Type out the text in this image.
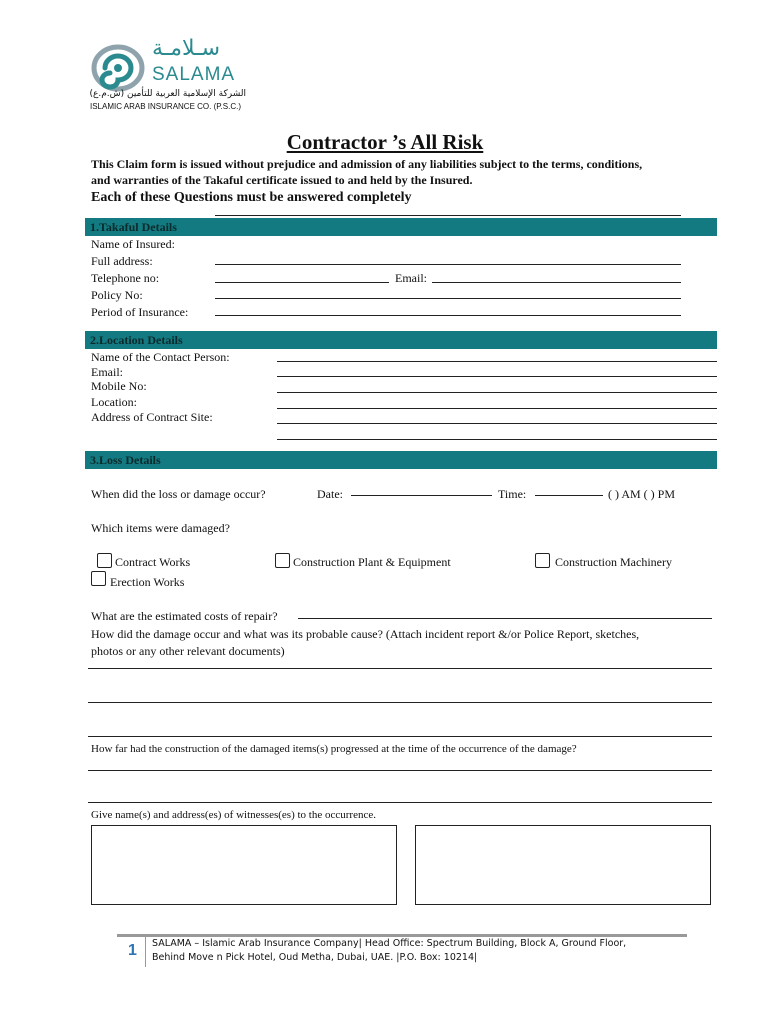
سـلامـة
SALAMA
الشركة الإسلامية العربية للتأمين (ش.م.ع)
ISLAMIC ARAB INSURANCE CO. (P.S.C.)
Contractor ’s All Risk
This Claim form is issued without prejudice and admission of any liabilities subject to the terms, conditions,
and warranties of the Takaful certificate issued to and held by the Insured.
Each of these Questions must be answered completely
1.Takaful Details
Name of Insured:
Full address:
Telephone no:	Email:
Policy No:
Period of Insurance:
2.Location Details
Name of the Contact Person:
Email:
Mobile No:
Location:
Address of Contract Site:
3.Loss Details
When did the loss or damage occur?	Date:	Time:	( ) AM ( ) PM
Which items were damaged?
Contract Works	Construction Plant & Equipment	Construction Machinery
Erection Works
What are the estimated costs of repair?
How did the damage occur and what was its probable cause? (Attach incident report &/or Police Report, sketches,
photos or any other relevant documents)
How far had the construction of the damaged items(s) progressed at the time of the occurrence of the damage?
Give name(s) and address(es) of witnesses(es) to the occurrence.
1 SALAMA – Islamic Arab Insurance Company| Head Office: Spectrum Building, Block A, Ground Floor,
Behind Move n Pick Hotel, Oud Metha, Dubai, UAE. |P.O. Box: 10214|
